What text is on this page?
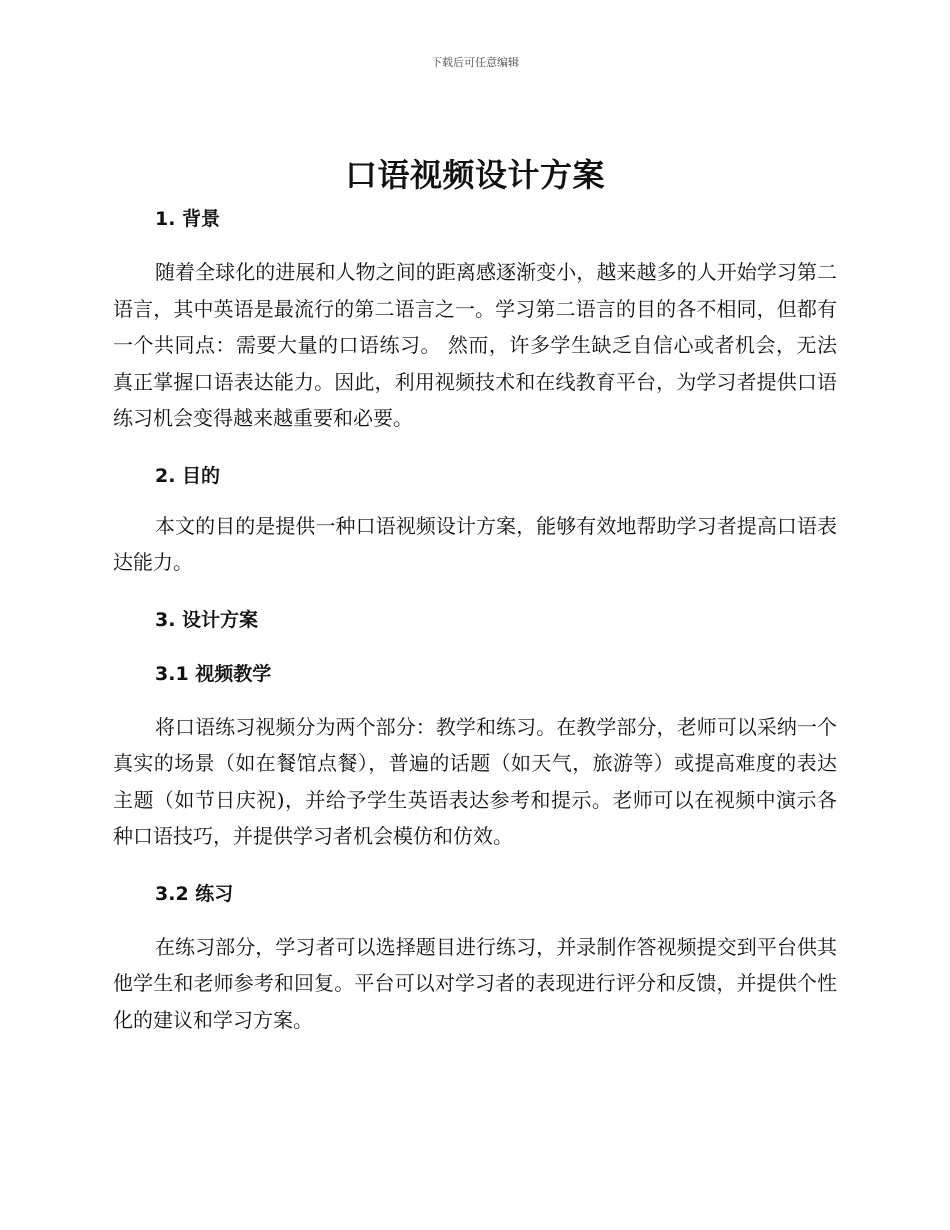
下载后可任意编辑
口语视频设计方案
1. 背景

随着全球化的进展和人物之间的距离感逐渐变小，越来越多的人开始学习第二语言，其中英语是最流行的第二语言之一。学习第二语言的目的各不相同，但都有一个共同点：需要大量的口语练习。 然而，许多学生缺乏自信心或者机会，无法真正掌握口语表达能力。因此，利用视频技术和在线教育平台，为学习者提供口语练习机会变得越来越重要和必要。

2. 目的

本文的目的是提供一种口语视频设计方案，能够有效地帮助学习者提高口语表达能力。

3. 设计方案
3.1 视频教学

将口语练习视频分为两个部分：教学和练习。在教学部分，老师可以采纳一个真实的场景（如在餐馆点餐），普遍的话题（如天气，旅游等）或提高难度的表达主题（如节日庆祝)，并给予学生英语表达参考和提示。老师可以在视频中演示各种口语技巧，并提供学习者机会模仿和仿效。

3.2 练习

在练习部分，学习者可以选择题目进行练习，并录制作答视频提交到平台供其他学生和老师参考和回复。平台可以对学习者的表现进行评分和反馈，并提供个性化的建议和学习方案。
